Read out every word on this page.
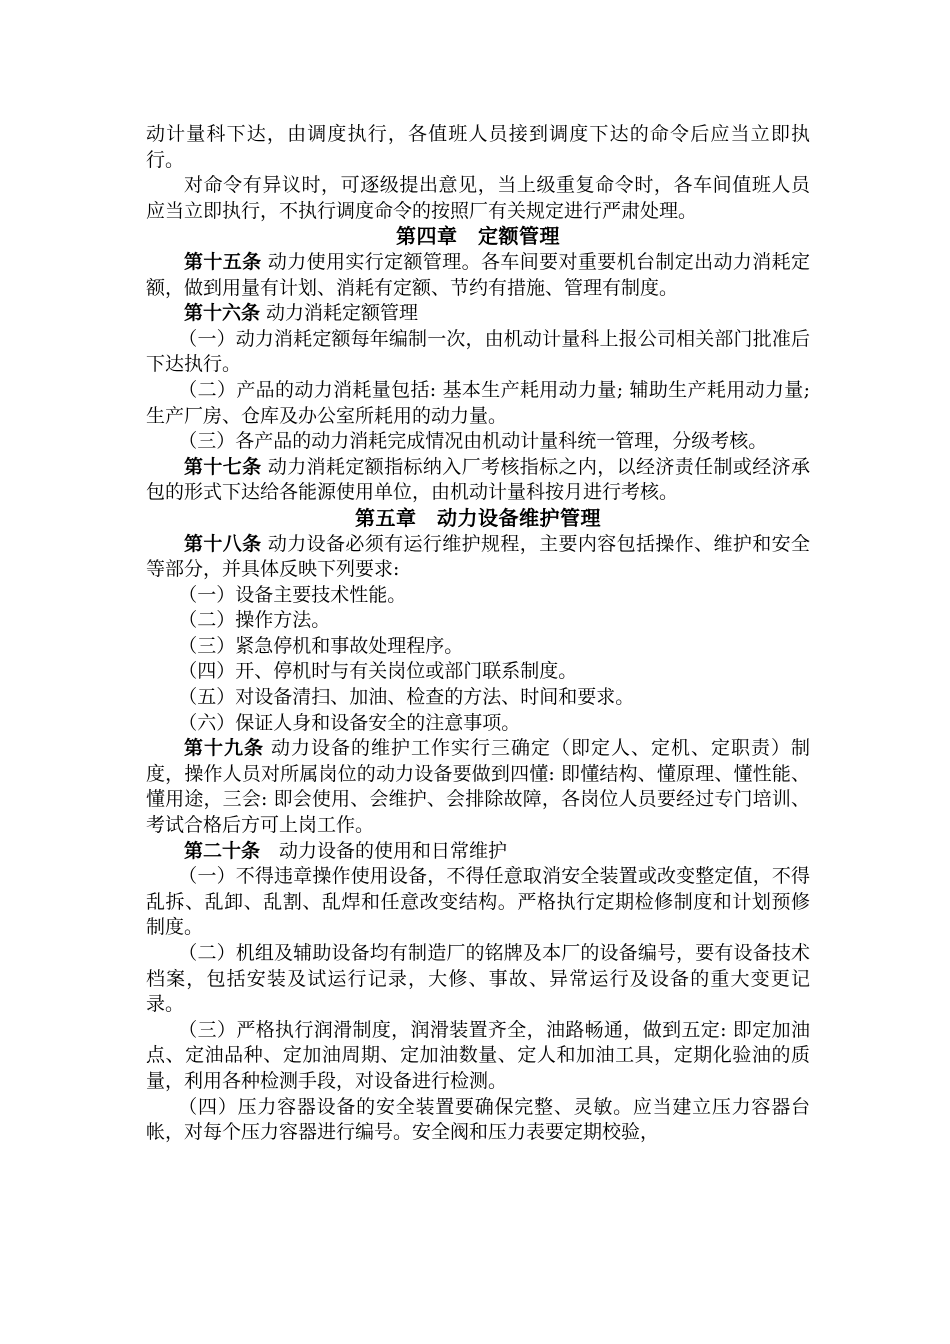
动计量科下达，由调度执行，各值班人员接到调度下达的命令后应当立即执行。

对命令有异议时，可逐级提出意见，当上级重复命令时，各车间值班人员应当立即执行，不执行调度命令的按照厂有关规定进行严肃处理。

第四章　定额管理

第十五条 动力使用实行定额管理。各车间要对重要机台制定出动力消耗定额，做到用量有计划、消耗有定额、节约有措施、管理有制度。

第十六条 动力消耗定额管理

（一）动力消耗定额每年编制一次，由机动计量科上报公司相关部门批准后下达执行。

（二）产品的动力消耗量包括: 基本生产耗用动力量; 辅助生产耗用动力量; 生产厂房、仓库及办公室所耗用的动力量。

（三）各产品的动力消耗完成情况由机动计量科统一管理，分级考核。

第十七条 动力消耗定额指标纳入厂考核指标之内，以经济责任制或经济承包的形式下达给各能源使用单位，由机动计量科按月进行考核。

第五章　动力设备维护管理

第十八条 动力设备必须有运行维护规程，主要内容包括操作、维护和安全等部分，并具体反映下列要求:

（一）设备主要技术性能。

（二）操作方法。

（三）紧急停机和事故处理程序。

（四）开、停机时与有关岗位或部门联系制度。

（五）对设备清扫、加油、检查的方法、时间和要求。

（六）保证人身和设备安全的注意事项。

第十九条 动力设备的维护工作实行三确定（即定人、定机、定职责）制度，操作人员对所属岗位的动力设备要做到四懂: 即懂结构、懂原理、懂性能、懂用途，三会: 即会使用、会维护、会排除故障，各岗位人员要经过专门培训、考试合格后方可上岗工作。

第二十条　动力设备的使用和日常维护

（一）不得违章操作使用设备，不得任意取消安全装置或改变整定值，不得乱拆、乱卸、乱割、乱焊和任意改变结构。严格执行定期检修制度和计划预修制度。

（二）机组及辅助设备均有制造厂的铭牌及本厂的设备编号，要有设备技术档案，包括安装及试运行记录，大修、事故、异常运行及设备的重大变更记录。

（三）严格执行润滑制度，润滑装置齐全，油路畅通，做到五定: 即定加油点、定油品种、定加油周期、定加油数量、定人和加油工具，定期化验油的质量，利用各种检测手段，对设备进行检测。

（四）压力容器设备的安全装置要确保完整、灵敏。应当建立压力容器台帐，对每个压力容器进行编号。安全阀和压力表要定期校验，
